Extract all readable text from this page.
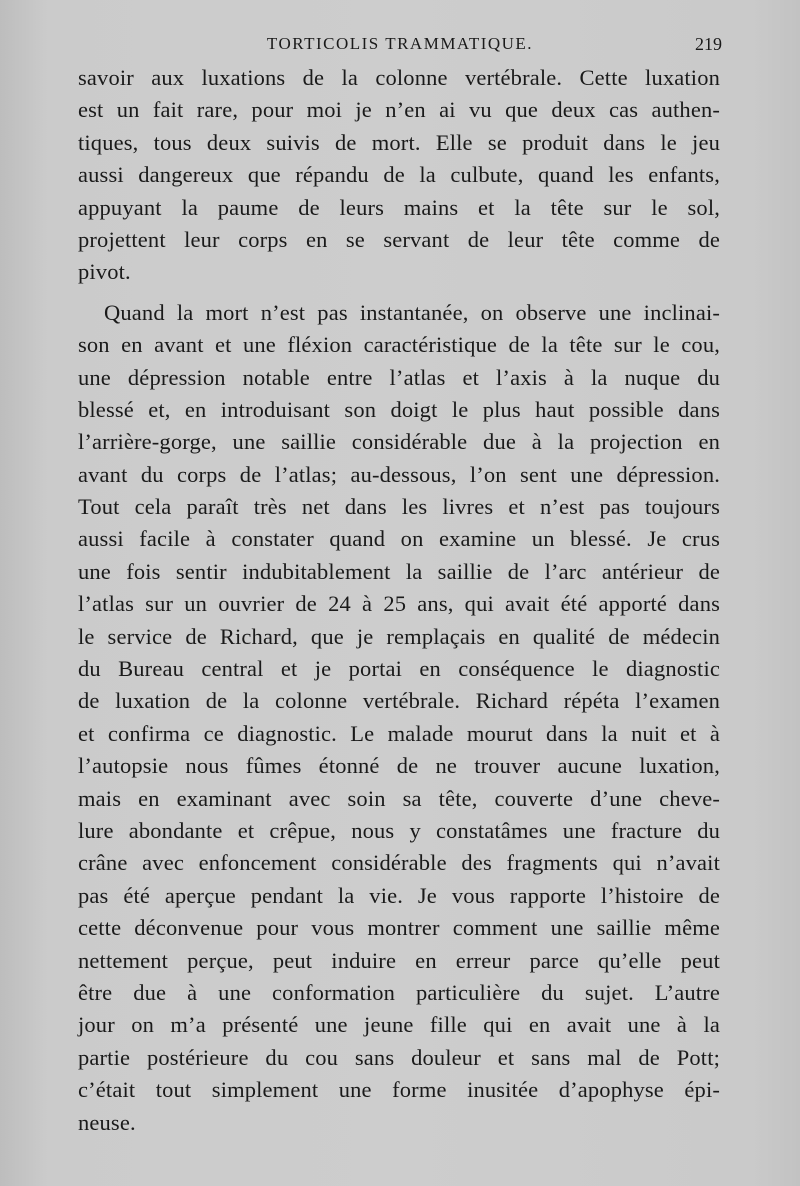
TORTICOLIS TRAMMATIQUE.	219
savoir aux luxations de la colonne vertébrale. Cette luxation
est un fait rare, pour moi je n’en ai vu que deux cas authen-
tiques, tous deux suivis de mort. Elle se produit dans le jeu
aussi dangereux que répandu de la culbute, quand les enfants,
appuyant la paume de leurs mains et la tête sur le sol,
projettent leur corps en se servant de leur tête comme de
pivot.
Quand la mort n’est pas instantanée, on observe une inclinai-
son en avant et une fléxion caractéristique de la tête sur le cou,
une dépression notable entre l’atlas et l’axis à la nuque du
blessé et, en introduisant son doigt le plus haut possible dans
l’arrière-gorge, une saillie considérable due à la projection en
avant du corps de l’atlas; au-dessous, l’on sent une dépression.
Tout cela paraît très net dans les livres et n’est pas toujours
aussi facile à constater quand on examine un blessé. Je crus
une fois sentir indubitablement la saillie de l’arc antérieur de
l’atlas sur un ouvrier de 24 à 25 ans, qui avait été apporté dans
le service de Richard, que je remplaçais en qualité de médecin
du Bureau central et je portai en conséquence le diagnostic
de luxation de la colonne vertébrale. Richard répéta l’examen
et confirma ce diagnostic. Le malade mourut dans la nuit et à
l’autopsie nous fûmes étonné de ne trouver aucune luxation,
mais en examinant avec soin sa tête, couverte d’une cheve-
lure abondante et crêpue, nous y constatâmes une fracture du
crâne avec enfoncement considérable des fragments qui n’avait
pas été aperçue pendant la vie. Je vous rapporte l’histoire de
cette déconvenue pour vous montrer comment une saillie même
nettement perçue, peut induire en erreur parce qu’elle peut
être due à une conformation particulière du sujet. L’autre
jour on m’a présenté une jeune fille qui en avait une à la
partie postérieure du cou sans douleur et sans mal de Pott;
c’était tout simplement une forme inusitée d’apophyse épi-
neuse.
